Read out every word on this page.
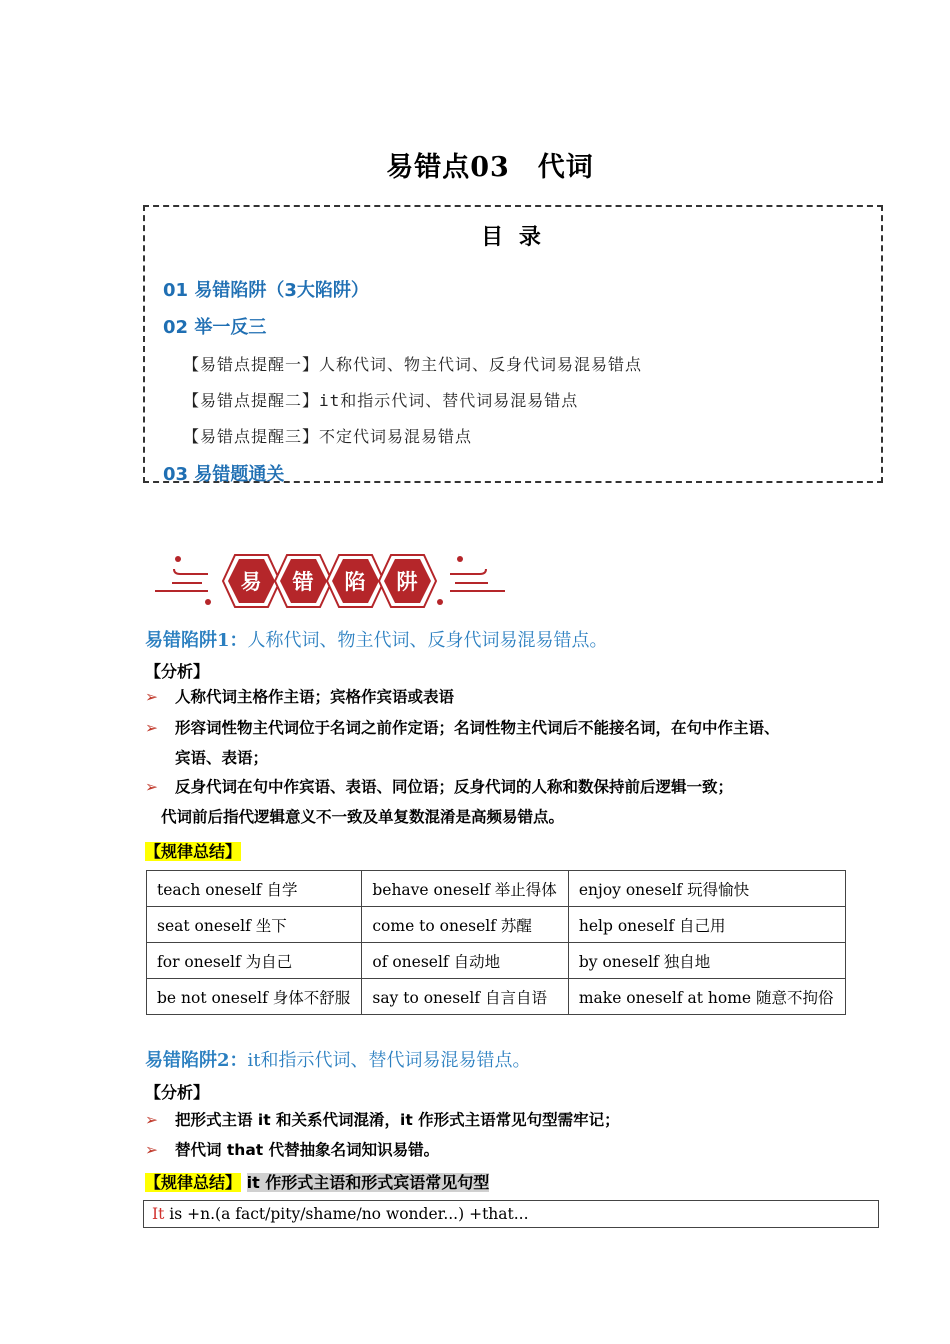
易错点03　代词
目 录
01 易错陷阱（3大陷阱）
02 举一反三
【易错点提醒一】人称代词、物主代词、反身代词易混易错点
【易错点提醒二】it和指示代词、替代词易混易错点
【易错点提醒三】不定代词易混易错点
03 易错题通关
易 错 陷 阱
易错陷阱1：人称代词、物主代词、反身代词易混易错点。
【分析】
➢ 人称代词主格作主语；宾格作宾语或表语
➢ 形容词性物主代词位于名词之前作定语；名词性物主代词后不能接名词，在句中作主语、
宾语、表语；
➢ 反身代词在句中作宾语、表语、同位语；反身代词的人称和数保持前后逻辑一致；
代词前后指代逻辑意义不一致及单复数混淆是高频易错点。
【规律总结】
teach oneself 自学	behave oneself 举止得体	enjoy oneself 玩得愉快
seat oneself 坐下	come to oneself 苏醒	help oneself 自己用
for oneself 为自己	of oneself 自动地	by oneself 独自地
be not oneself 身体不舒服	say to oneself 自言自语	make oneself at home 随意不拘俗
易错陷阱2：it和指示代词、替代词易混易错点。
【分析】
➢ 把形式主语 it 和关系代词混淆，it 作形式主语常见句型需牢记；
➢ 替代词 that 代替抽象名词知识易错。
【规律总结】 it 作形式主语和形式宾语常见句型
It is +n.(a fact/pity/shame/no wonder...) +that...
